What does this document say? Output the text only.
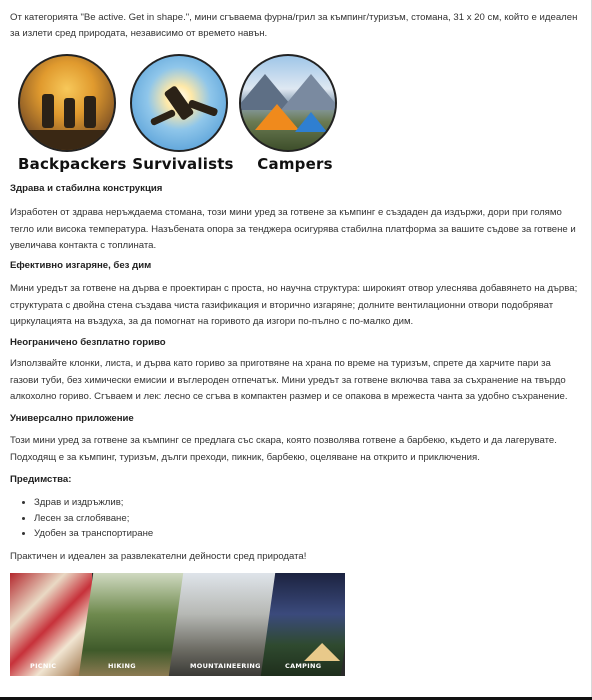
От категорията "Be active. Get in shape.", мини сгъваема фурна/грил за къмпинг/туризъм, стомана, 31 x 20 см, който е идеален за излети сред природата, независимо от времето навън.

Backpackers Survivalists	Campers
Здрава и стабилна конструкция

Изработен от здрава неръждаема стомана, този мини уред за готвене за къмпинг е създаден да издържи, дори при голямо тегло или висока температура. Назъбената опора за тенджера осигурява стабилна платформа за вашите съдове за готвене и увеличава контакта с топлината.

Ефективно изгаряне, без дим

Мини уредът за готвене на дърва е проектиран с проста, но научна структура: широкият отвор улеснява добавянето на дърва; структурата с двойна стена създава чиста газификация и вторично изгаряне; долните вентилационни отвори подобряват циркулацията на въздуха, за да помогнат на горивото да изгори по-пълно с по-малко дим.

Неограничено безплатно гориво

Използвайте клонки, листа, и дърва като гориво за приготвяне на храна по време на туризъм, спрете да харчите пари за газови туби, без химически емисии и въглероден отпечатък. Мини уредът за готвене включва тава за съхранение на твърдо алкохолно гориво. Сгъваем и лек: лесно се сгъва в компактен размер и се опакова в мрежеста чанта за удобно съхранение.

Универсално приложение

Този мини уред за готвене за къмпинг се предлага със скара, която позволява готвене а барбекю, където и да лагерувате. Подходящ е за къмпинг, туризъм, дълги преходи, пикник, барбекю, оцеляване на открито и приключения.

Предимства:
• Здрав и издръжлив;
• Лесен за сглобяване;
• Удобен за транспортиране

Практичен и идеален за развлекателни дейности сред природата!

PICNIC	HIKING	MOUNTAINEERING	CAMPING
